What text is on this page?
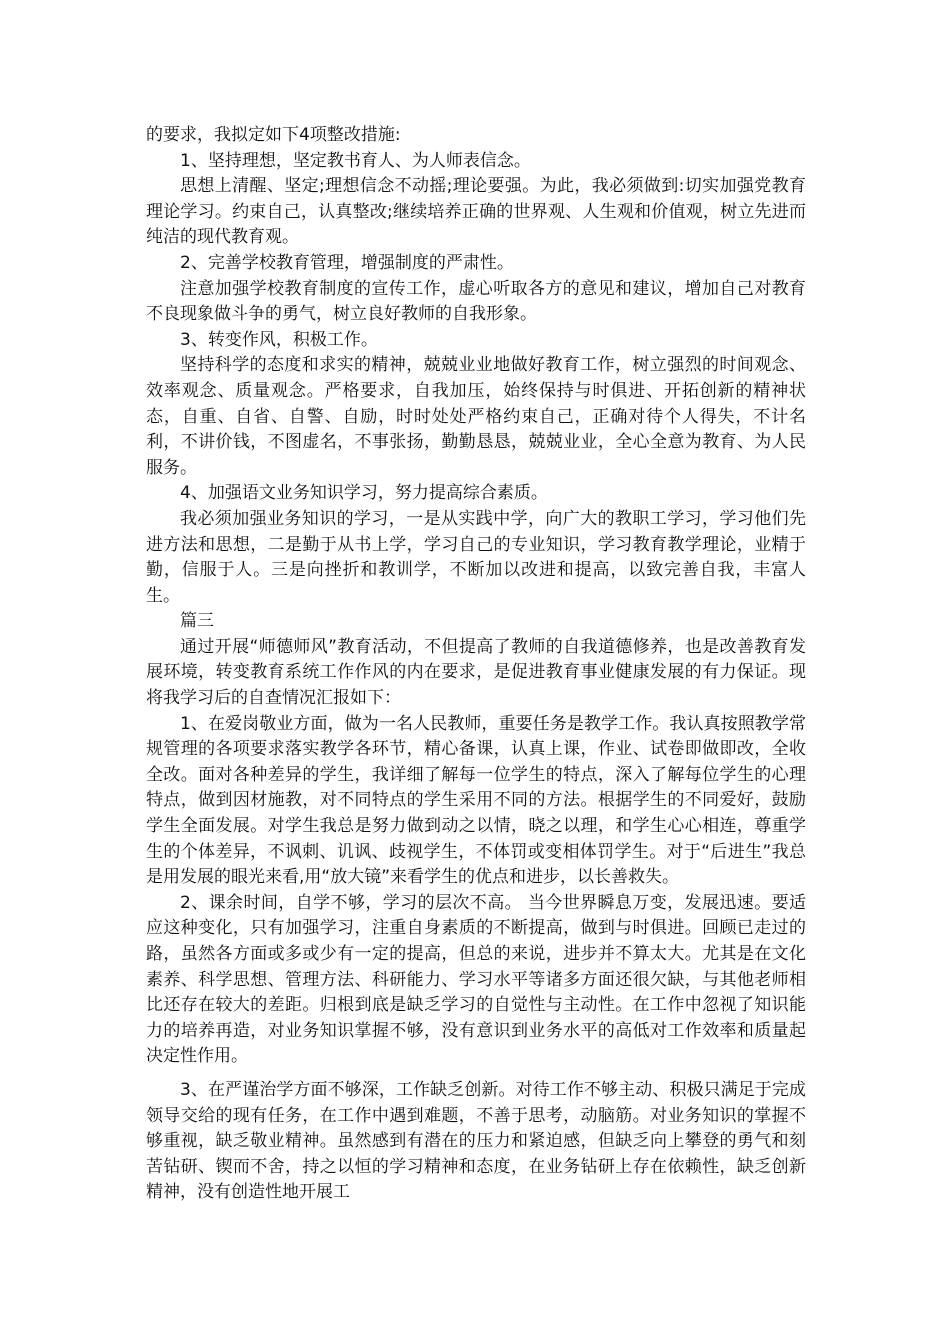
的要求，我拟定如下4项整改措施:

1、坚持理想，坚定教书育人、为人师表信念。

思想上清醒、坚定;理想信念不动摇;理论要强。为此，我必须做到:切实加强党教育理论学习。约束自己，认真整改;继续培养正确的世界观、人生观和价值观，树立先进而纯洁的现代教育观。

2、完善学校教育管理，增强制度的严肃性。

注意加强学校教育制度的宣传工作，虚心听取各方的意见和建议，增加自己对教育不良现象做斗争的勇气，树立良好教师的自我形象。

3、转变作风，积极工作。

坚持科学的态度和求实的精神，兢兢业业地做好教育工作，树立强烈的时间观念、效率观念、质量观念。严格要求，自我加压，始终保持与时俱进、开拓创新的精神状态，自重、自省、自警、自励，时时处处严格约束自己，正确对待个人得失，不计名利，不讲价钱，不图虚名，不事张扬，勤勤恳恳，兢兢业业，全心全意为教育、为人民服务。

4、加强语文业务知识学习，努力提高综合素质。

我必须加强业务知识的学习，一是从实践中学，向广大的教职工学习，学习他们先进方法和思想，二是勤于从书上学，学习自己的专业知识，学习教育教学理论，业精于勤，信服于人。三是向挫折和教训学，不断加以改进和提高，以致完善自我，丰富人生。

篇三

通过开展“师德师风”教育活动，不但提高了教师的自我道德修养，也是改善教育发展环境，转变教育系统工作作风的内在要求，是促进教育事业健康发展的有力保证。现将我学习后的自查情况汇报如下：

1、在爱岗敬业方面，做为一名人民教师，重要任务是教学工作。我认真按照教学常规管理的各项要求落实教学各环节，精心备课，认真上课，作业、试卷即做即改，全收全改。面对各种差异的学生，我详细了解每一位学生的特点，深入了解每位学生的心理特点，做到因材施教，对不同特点的学生采用不同的方法。根据学生的不同爱好，鼓励学生全面发展。对学生我总是努力做到动之以情，晓之以理，和学生心心相连，尊重学生的个体差异，不讽刺、讥讽、歧视学生，不体罚或变相体罚学生。对于“后进生”我总是用发展的眼光来看,用“放大镜”来看学生的优点和进步，以长善救失。

2、课余时间，自学不够，学习的层次不高。 当今世界瞬息万变，发展迅速。要适应这种变化，只有加强学习，注重自身素质的不断提高，做到与时俱进。回顾已走过的路，虽然各方面或多或少有一定的提高，但总的来说，进步并不算太大。尤其是在文化素养、科学思想、管理方法、科研能力、学习水平等诸多方面还很欠缺，与其他老师相比还存在较大的差距。归根到底是缺乏学习的自觉性与主动性。在工作中忽视了知识能力的培养再造，对业务知识掌握不够，没有意识到业务水平的高低对工作效率和质量起决定性作用。

3、在严谨治学方面不够深，工作缺乏创新。对待工作不够主动、积极只满足于完成领导交给的现有任务，在工作中遇到难题，不善于思考，动脑筋。对业务知识的掌握不够重视，缺乏敬业精神。虽然感到有潜在的压力和紧迫感，但缺乏向上攀登的勇气和刻苦钻研、锲而不舍，持之以恒的学习精神和态度，在业务钻研上存在依赖性，缺乏创新精神，没有创造性地开展工
